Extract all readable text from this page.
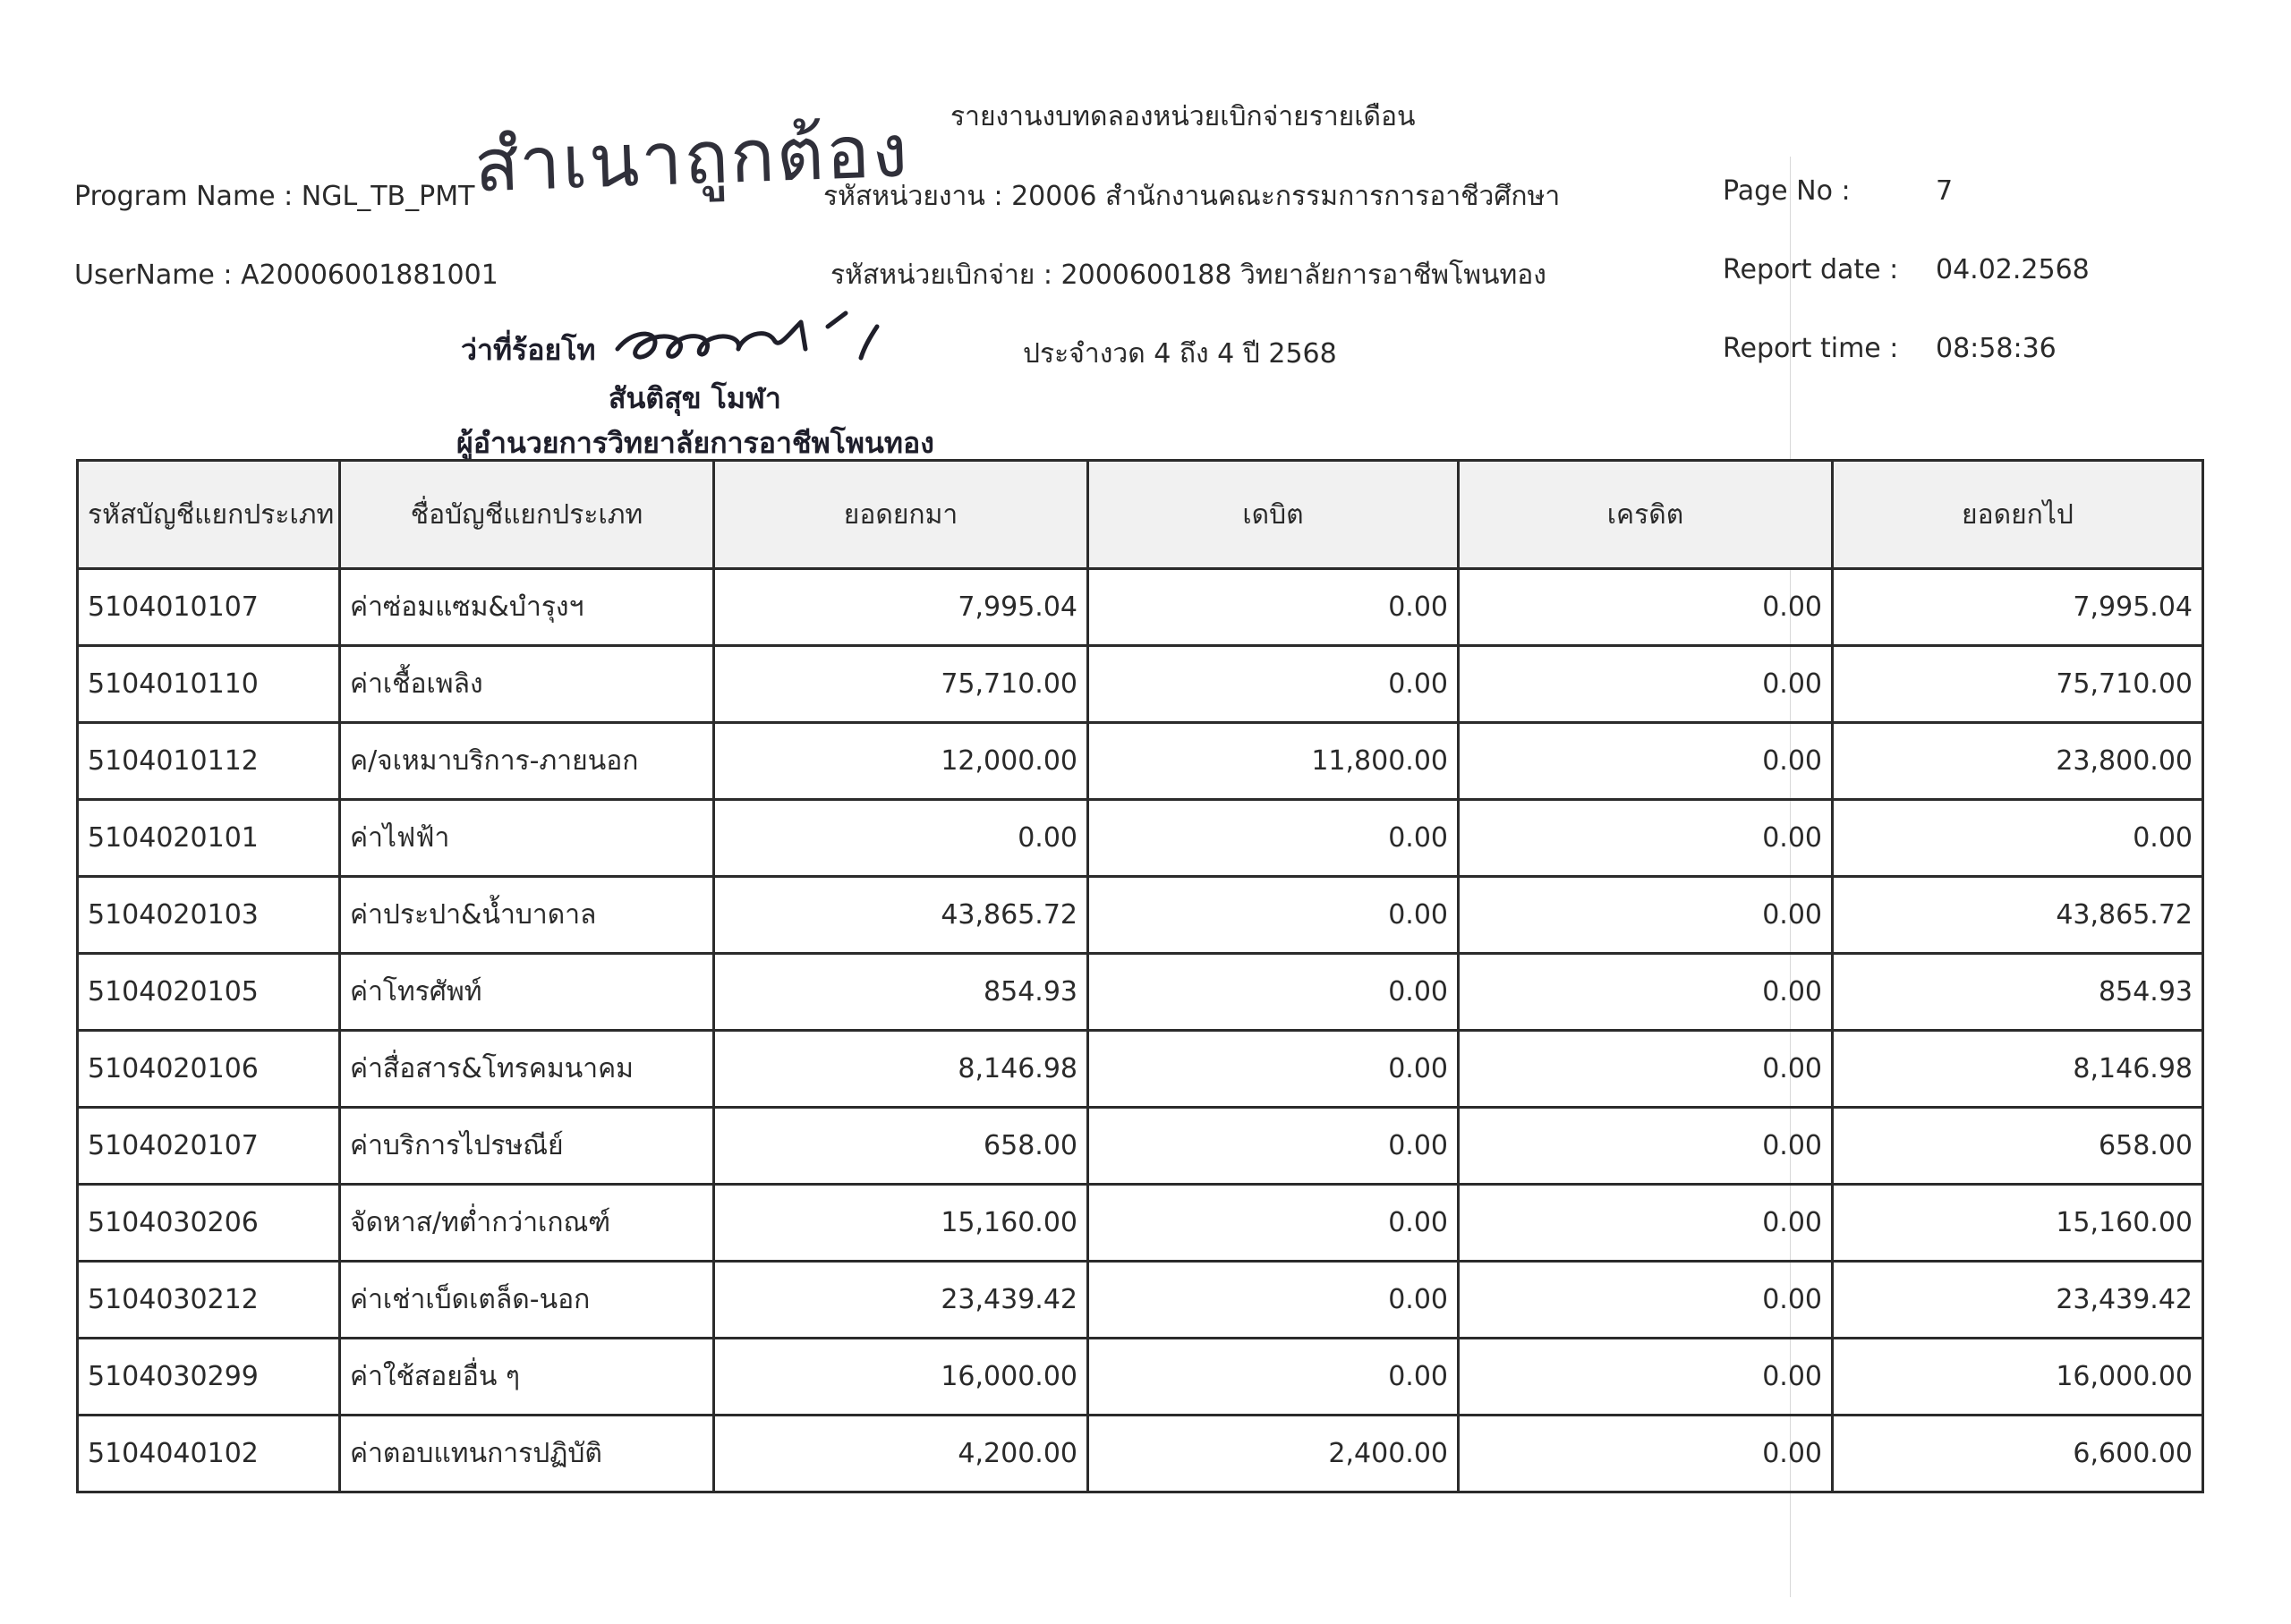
Program Name : NGL_TB_PMT
UserName : A20006001881001
สำเนาถูกต้อง รายงานงบทดลองหน่วยเบิกจ่ายรายเดือน
รหัสหน่วยงาน : 20006 สำนักงานคณะกรรมการการอาชีวศึกษา
รหัสหน่วยเบิกจ่าย : 2000600188 วิทยาลัยการอาชีพโพนทอง
ประจำงวด 4 ถึง 4 ปี 2568
Page No :	7
Report date : 04.02.2568
Report time : 08:58:36
ว่าที่ร้อยโท
สันติสุข โมฬา
ผู้อำนวยการวิทยาลัยการอาชีพโพนทอง
รหัสบัญชีแยกประเภท	ชื่อบัญชีแยกประเภท	ยอดยกมา	เดบิต	เครดิต	ยอดยกไป
5104010107	ค่าซ่อมแซม&บำรุงฯ	7,995.04	0.00	0.00	7,995.04
5104010110	ค่าเชื้อเพลิง	75,710.00	0.00	0.00	75,710.00
5104010112	ค/จเหมาบริการ-ภายนอก	12,000.00	11,800.00	0.00	23,800.00
5104020101	ค่าไฟฟ้า	0.00	0.00	0.00	0.00
5104020103	ค่าประปา&น้ำบาดาล	43,865.72	0.00	0.00	43,865.72
5104020105	ค่าโทรศัพท์	854.93	0.00	0.00	854.93
5104020106	ค่าสื่อสาร&โทรคมนาคม	8,146.98	0.00	0.00	8,146.98
5104020107	ค่าบริการไปรษณีย์	658.00	0.00	0.00	658.00
5104030206	จัดหาส/ทต่ำกว่าเกณฑ์	15,160.00	0.00	0.00	15,160.00
5104030212	ค่าเช่าเบ็ดเตล็ด-นอก	23,439.42	0.00	0.00	23,439.42
5104030299	ค่าใช้สอยอื่น ๆ	16,000.00	0.00	0.00	16,000.00
5104040102	ค่าตอบแทนการปฏิบัติ	4,200.00	2,400.00	0.00	6,600.00
